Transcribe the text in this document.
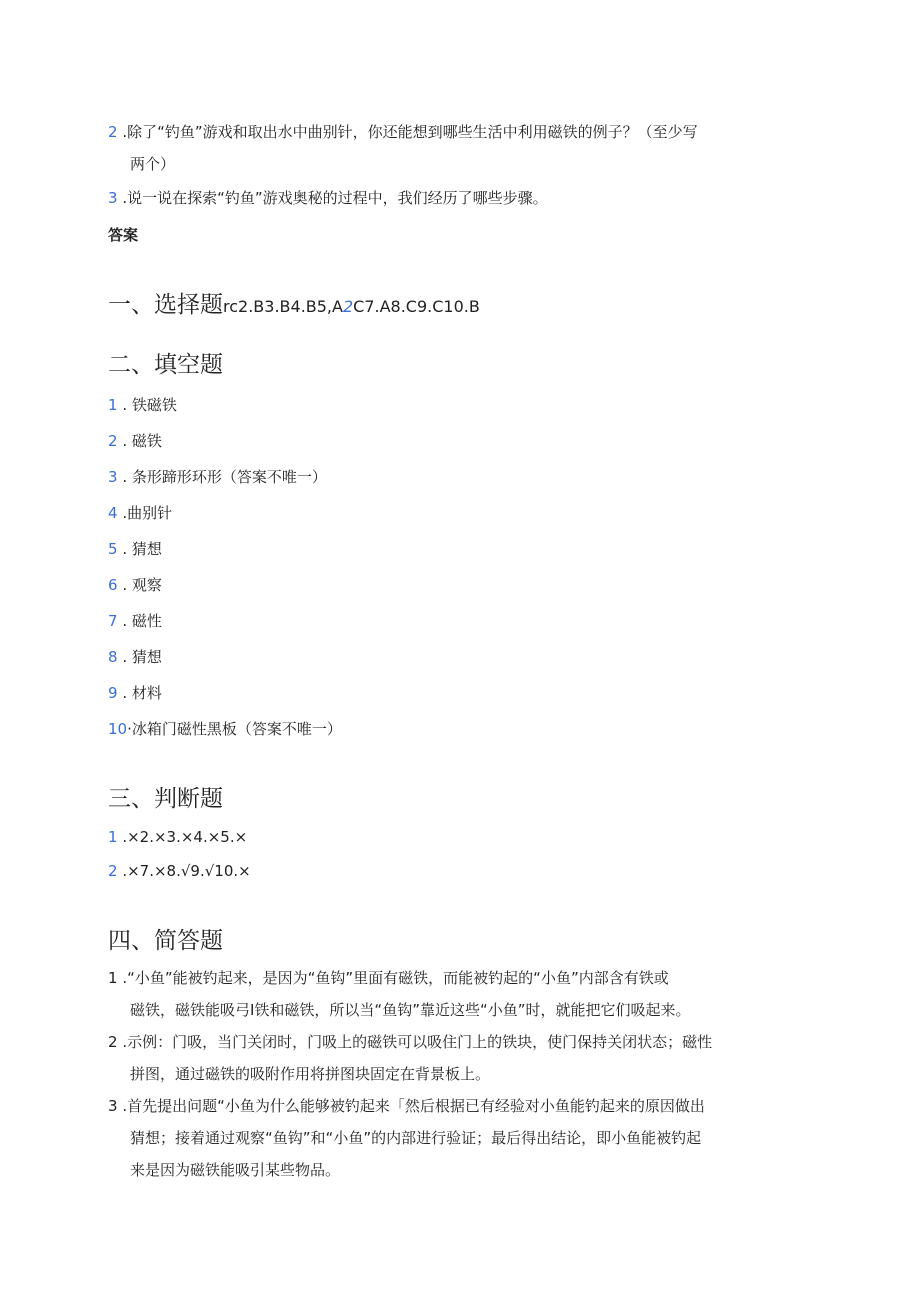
2 .除了“钓鱼”游戏和取出水中曲别针，你还能想到哪些生活中利用磁铁的例子？（至少写
两个）
3 .说一说在探索“钓鱼”游戏奥秘的过程中，我们经历了哪些步骤。
答案
一、选择题rc2.B3.B4.B5,A2C7.A8.C9.C10.B
二、填空题
1 . 铁磁铁
2 . 磁铁
3 . 条形蹄形环形（答案不唯一）
4 .曲别针
5 . 猜想
6 . 观察
7 . 磁性
8 . 猜想
9 . 材料
10·冰箱门磁性黑板（答案不唯一）
三、判断题
1 .×2.×3.×4.×5.×
2 .×7.×8.√9.√10.×
四、简答题
1 .“小鱼”能被钓起来，是因为“鱼钩”里面有磁铁，而能被钓起的“小鱼”内部含有铁或
磁铁，磁铁能吸弓I铁和磁铁，所以当“鱼钩”靠近这些“小鱼”时，就能把它们吸起来。
2 .示例：门吸，当门关闭时，门吸上的磁铁可以吸住门上的铁块，使门保持关闭状态；磁性
拼图，通过磁铁的吸附作用将拼图块固定在背景板上。
3 .首先提出问题“小鱼为什么能够被钓起来「然后根据已有经验对小鱼能钓起来的原因做出
猜想；接着通过观察“鱼钩”和“小鱼”的内部进行验证；最后得出结论，即小鱼能被钓起
来是因为磁铁能吸引某些物品。
